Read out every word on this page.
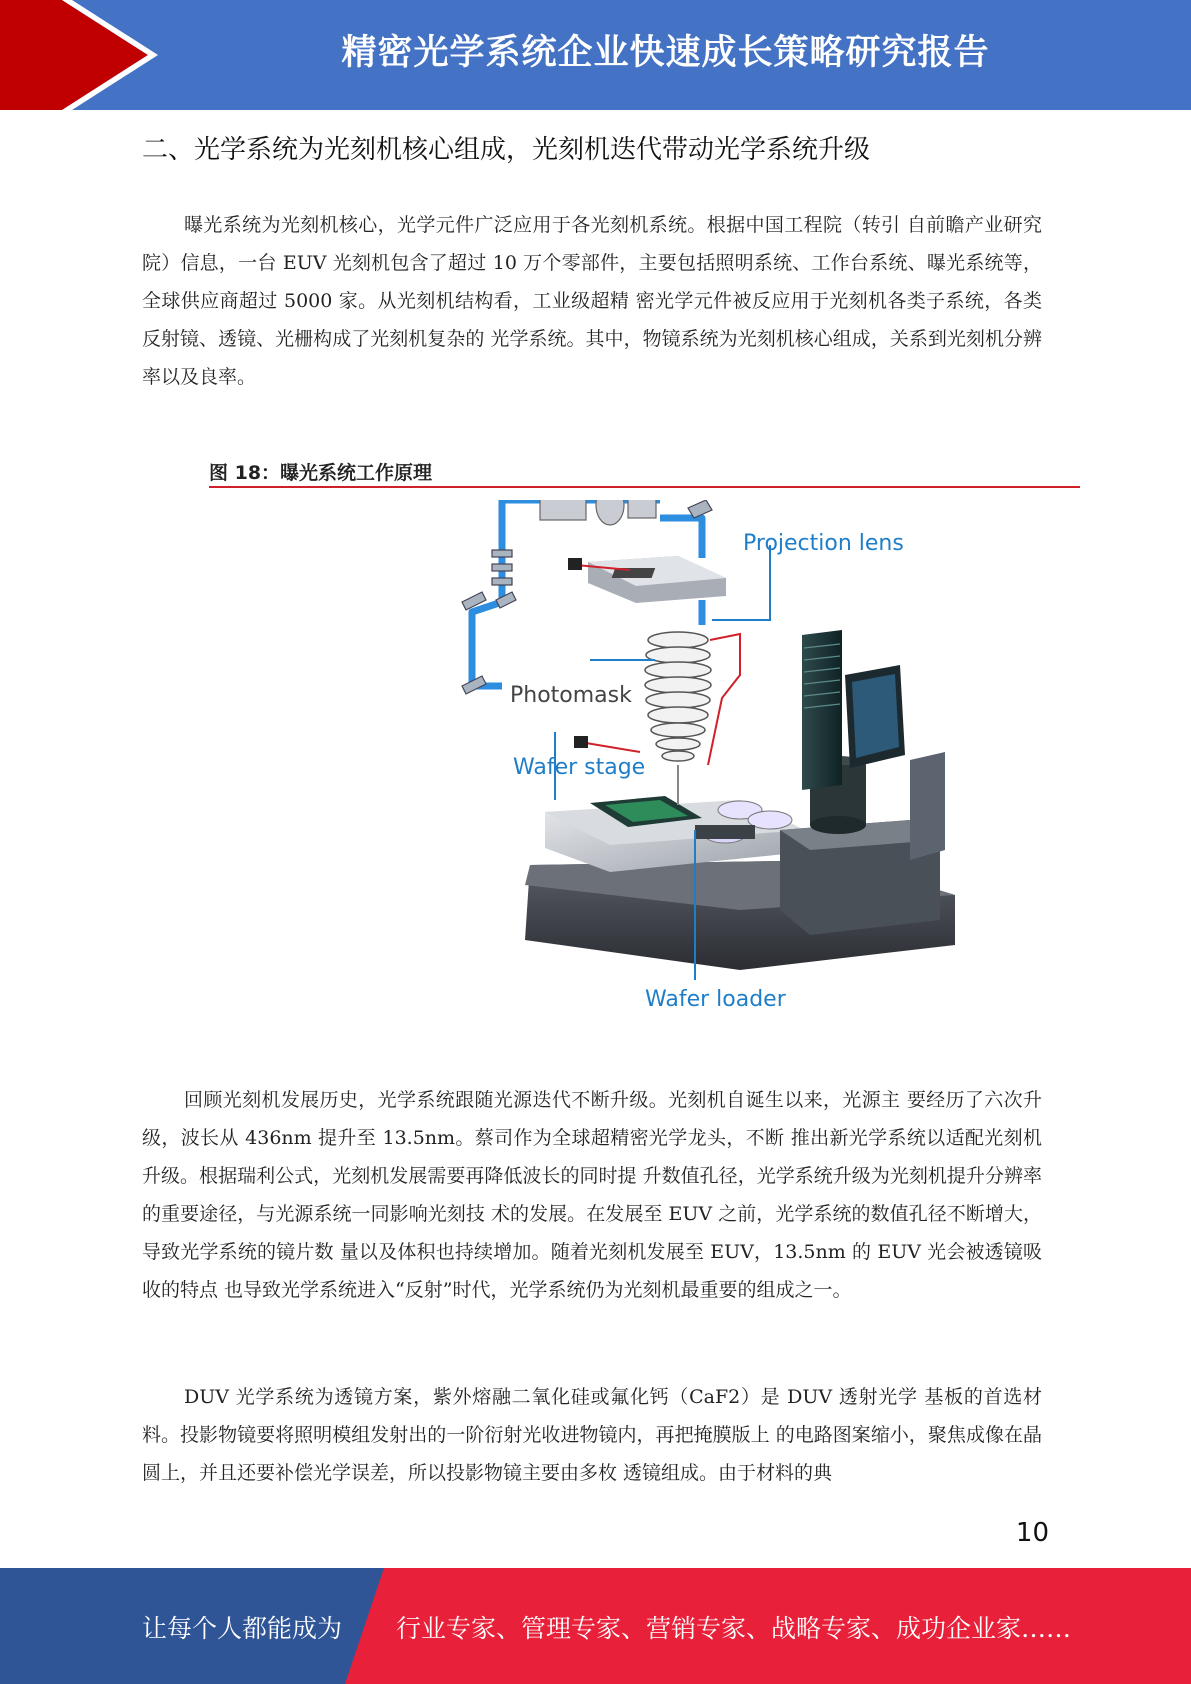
精密光学系统企业快速成长策略研究报告
二、光学系统为光刻机核心组成，光刻机迭代带动光学系统升级

曝光系统为光刻机核心，光学元件广泛应用于各光刻机系统。根据中国工程院（转引 自前瞻产业研究院）信息，一台 EUV 光刻机包含了超过 10 万个零部件，主要包括照明系统、工作台系统、曝光系统等，全球供应商超过 5000 家。从光刻机结构看，工业级超精 密光学元件被反应用于光刻机各类子系统，各类反射镜、透镜、光栅构成了光刻机复杂的 光学系统。其中，物镜系统为光刻机核心组成，关系到光刻机分辨率以及良率。

图 18：曝光系统工作原理
Projection lens
Photomask
Wafer stage
Wafer loader

回顾光刻机发展历史，光学系统跟随光源迭代不断升级。光刻机自诞生以来，光源主 要经历了六次升级，波长从 436nm 提升至 13.5nm。蔡司作为全球超精密光学龙头，不断 推出新光学系统以适配光刻机升级。根据瑞利公式，光刻机发展需要再降低波长的同时提 升数值孔径，光学系统升级为光刻机提升分辨率的重要途径，与光源系统一同影响光刻技 术的发展。在发展至 EUV 之前，光学系统的数值孔径不断增大，导致光学系统的镜片数 量以及体积也持续增加。随着光刻机发展至 EUV，13.5nm 的 EUV 光会被透镜吸收的特点 也导致光学系统进入“反射”时代，光学系统仍为光刻机最重要的组成之一。

DUV 光学系统为透镜方案，紫外熔融二氧化硅或氟化钙（CaF2）是 DUV 透射光学 基板的首选材料。投影物镜要将照明模组发射出的一阶衍射光收进物镜内，再把掩膜版上 的电路图案缩小，聚焦成像在晶圆上，并且还要补偿光学误差，所以投影物镜主要由多枚 透镜组成。由于材料的典

10
让每个人都能成为 行业专家、管理专家、营销专家、战略专家、成功企业家……
